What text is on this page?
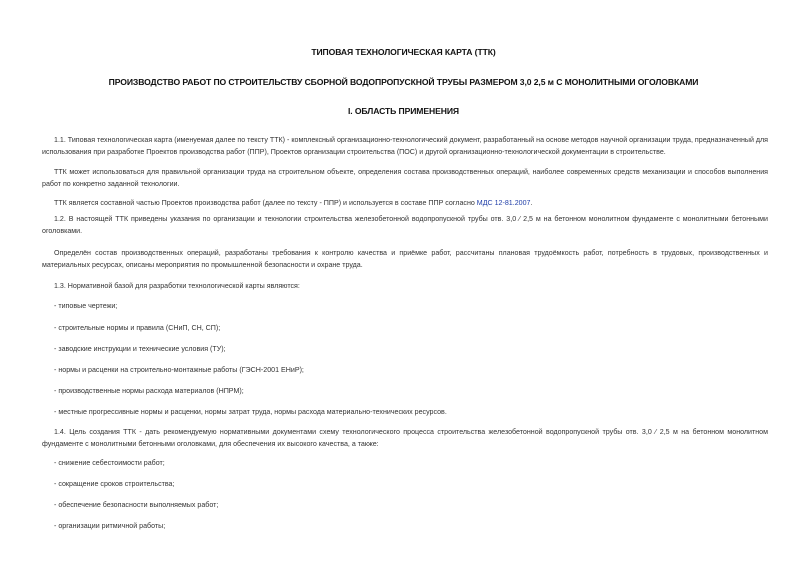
ТИПОВАЯ ТЕХНОЛОГИЧЕСКАЯ КАРТА (ТТК)
ПРОИЗВОДСТВО РАБОТ ПО СТРОИТЕЛЬСТВУ СБОРНОЙ ВОДОПРОПУСКНОЙ ТРУБЫ РАЗМЕРОМ 3,0 2,5 м С МОНОЛИТНЫМИ ОГОЛОВКАМИ
I. ОБЛАСТЬ ПРИМЕНЕНИЯ
1.1. Типовая технологическая карта (именуемая далее по тексту ТТК) - комплексный организационно-технологический документ, разработанный на основе методов научной организации труда, предназначенный для использования при разработке Проектов производства работ (ППР), Проектов организации строительства (ПОС) и другой организационно-технологической документации в строительстве.
ТТК может использоваться для правильной организации труда на строительном объекте, определения состава производственных операций, наиболее современных средств механизации и способов выполнения работ по конкретно заданной технологии.
ТТК является составной частью Проектов производства работ (далее по тексту - ППР) и используется в составе ППР согласно МДС 12-81.2007.
1.2. В настоящей ТТК приведены указания по организации и технологии строительства железобетонной водопропускной трубы отв. 3,0 ⁄ 2,5 м на бетонном монолитном фундаменте с монолитными бетонными оголовками.
Определён состав производственных операций, разработаны требования к контролю качества и приёмке работ, рассчитаны плановая трудоёмкость работ, потребность в трудовых, производственных и материальных ресурсах, описаны мероприятия по промышленной безопасности и охране труда.
1.3. Нормативной базой для разработки технологической карты являются:
- типовые чертежи;
- строительные нормы и правила (СНиП, СН, СП);
- заводские инструкции и технические условия (ТУ);
- нормы и расценки на строительно-монтажные работы (ГЭСН-2001 ЕНиР);
- производственные нормы расхода материалов (НПРМ);
- местные прогрессивные нормы и расценки, нормы затрат труда, нормы расхода материально-технических ресурсов.
1.4. Цель создания ТТК - дать рекомендуемую нормативными документами схему технологического процесса строительства железобетонной водопропускной трубы отв. 3,0 ⁄ 2,5 м на бетонном монолитном фундаменте с монолитными бетонными оголовками, для обеспечения их высокого качества, а также:
- снижение себестоимости работ;
- сокращение сроков строительства;
- обеспечение безопасности выполняемых работ;
- организации ритмичной работы;
